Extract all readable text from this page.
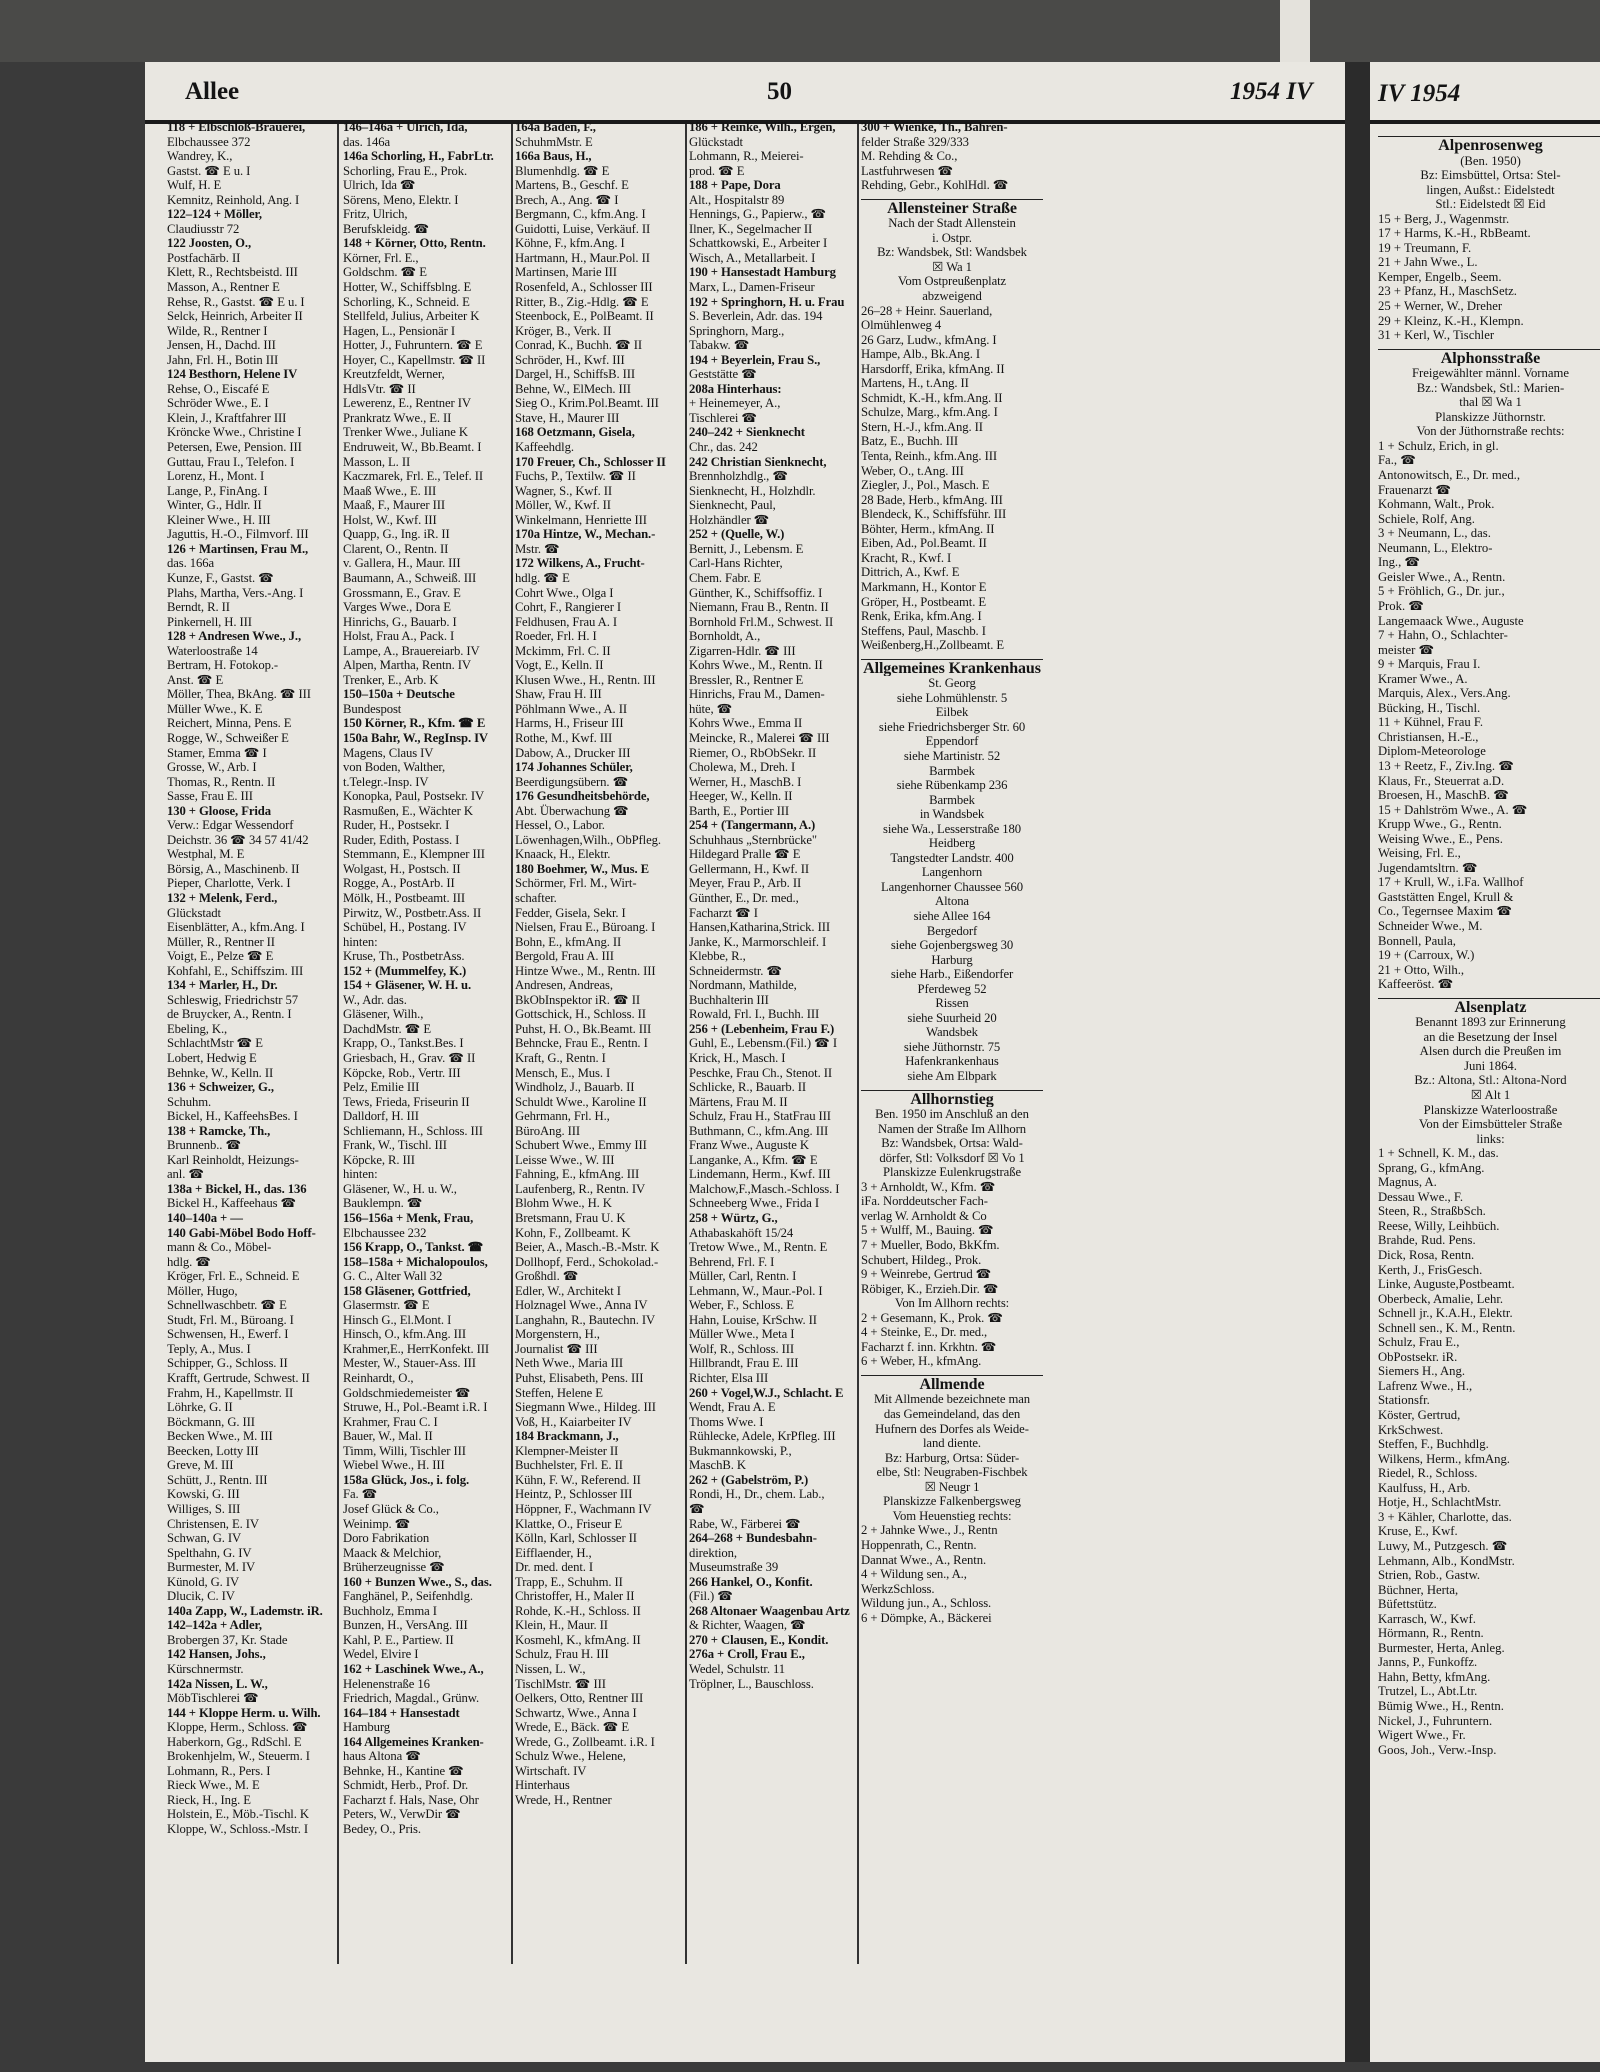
Allee	50	1954 IV
118 + Elbschloß-Brauerei,
Elbchaussee 372
Wandrey, K.,
Gastst. ☎ E u. I
Wulf, H. E
Kemnitz, Reinhold, Ang. I
122–124 + Möller,
Claudiusstr 72
122 Joosten, O.,
Postfachārb. II
Klett, R., Rechtsbeistd. III
Masson, A., Rentner E
Rehse, R., Gastst. ☎ E u. I
Selck, Heinrich, Arbeiter II
Wilde, R., Rentner I
Jensen, H., Dachd. III
Jahn, Frl. H., Botin III
124 Besthorn, Helene IV
Rehse, O., Eiscafé E
Schröder Wwe., E. I
Klein, J., Kraftfahrer III
Kröncke Wwe., Christine I
Petersen, Ewe, Pension. III
Guttau, Frau I., Telefon. I
Lorenz, H., Mont. I
Lange, P., FinAng. I
Winter, G., Hdlr. II
Kleiner Wwe., H. III
Jaguttis, H.-O., Filmvorf. III
126 + Martinsen, Frau M.,
das. 166a
Kunze, F., Gastst. ☎
Plahs, Martha, Vers.-Ang. I
Berndt, R. II
Pinkernell, H. III
128 + Andresen Wwe., J.,
Waterloostraße 14
Bertram, H. Fotokop.-
Anst. ☎ E
Möller, Thea, BkAng. ☎ III
Müller Wwe., K. E
Reichert, Minna, Pens. E
Rogge, W., Schweißer E
Stamer, Emma ☎ I
Grosse, W., Arb. I
Thomas, R., Rentn. II
Sasse, Frau E. III
130 + Gloose, Frida
Verw.: Edgar Wessendorf
Deichstr. 36 ☎ 34 57 41/42
Westphal, M. E
Börsig, A., Maschinenb. II
Pieper, Charlotte, Verk. I
132 + Melenk, Ferd.,
Glückstadt
Eisenblätter, A., kfm.Ang. I
Müller, R., Rentner II
Voigt, E., Pelze ☎ E
Kohfahl, E., Schiffszim. III
134 + Marler, H., Dr.
Schleswig, Friedrichstr 57
de Bruycker, A., Rentn. I
Ebeling, K.,
SchlachtMstr ☎ E
Lobert, Hedwig E
Behnke, W., Kelln. II
136 + Schweizer, G.,
Schuhm.
Bickel, H., KaffeehsBes. I
138 + Ramcke, Th.,
Brunnenb.. ☎
Karl Reinholdt, Heizungs-
anl. ☎
138a + Bickel, H., das. 136
Bickel H., Kaffeehaus ☎
140–140a + —
140 Gabi-Möbel Bodo Hoff-
mann & Co., Möbel-
hdlg. ☎
Kröger, Frl. E., Schneid. E
Möller, Hugo,
Schnellwaschbetr. ☎ E
Studt, Frl. M., Büroang. I
Schwensen, H., Ewerf. I
Teply, A., Mus. I
Schipper, G., Schloss. II
Krafft, Gertrude, Schwest. II
Frahm, H., Kapellmstr. II
Löhrke, G. II
Böckmann, G. III
Becken Wwe., M. III
Beecken, Lotty III
Greve, M. III
Schütt, J., Rentn. III
Kowski, G. III
Williges, S. III
Christensen, E. IV
Schwan, G. IV
Spelthahn, G. IV
Burmester, M. IV
Künold, G. IV
Dlucik, C. IV
140a Zapp, W., Lademstr. iR.
142–142a + Adler,
Brobergen 37, Kr. Stade
142 Hansen, Johs.,
Kürschnermstr.
142a Nissen, L. W.,
MöbTischlerei ☎
144 + Kloppe Herm. u. Wilh.
Kloppe, Herm., Schloss. ☎
Haberkorn, Gg., RdSchl. E
Brokenhjelm, W., Steuerm. I
Lohmann, R., Pers. I
Rieck Wwe., M. E
Rieck, H., Ing. E
Holstein, E., Möb.-Tischl. K
Kloppe, W., Schloss.-Mstr. I
146–146a + Ulrich, Ida,
das. 146a
146a Schorling, H., FabrLtr.
Schorling, Frau E., Prok.
Ulrich, Ida ☎
Sörens, Meno, Elektr. I
Fritz, Ulrich,
Berufskleidg. ☎
148 + Körner, Otto, Rentn.
Körner, Frl. E.,
Goldschm. ☎ E
Hotter, W., Schiffsblng. E
Schorling, K., Schneid. E
Stellfeld, Julius, Arbeiter K
Hagen, L., Pensionär I
Hotter, J., Fuhruntern. ☎ E
Hoyer, C., Kapellmstr. ☎ II
Kreutzfeldt, Werner,
HdlsVtr. ☎ II
Lewerenz, E., Rentner IV
Prankratz Wwe., E. II
Trenker Wwe., Juliane K
Endruweit, W., Bb.Beamt. I
Masson, L. II
Kaczmarek, Frl. E., Telef. II
Maaß Wwe., E. III
Maaß, F., Maurer III
Holst, W., Kwf. III
Quapp, G., Ing. iR. II
Clarent, O., Rentn. II
v. Gallera, H., Maur. III
Baumann, A., Schweiß. III
Grossmann, E., Grav. E
Varges Wwe., Dora E
Hinrichs, G., Bauarb. I
Holst, Frau A., Pack. I
Lampe, A., Brauereiarb. IV
Alpen, Martha, Rentn. IV
Trenker, E., Arb. K
150–150a + Deutsche
Bundespost
150 Körner, R., Kfm. ☎ E
150a Bahr, W., RegInsp. IV
Magens, Claus IV
von Boden, Walther,
t.Telegr.-Insp. IV
Konopka, Paul, Postsekr. IV
Rasmußen, E., Wächter K
Ruder, H., Postsekr. I
Ruder, Edith, Postass. I
Stemmann, E., Klempner III
Wolgast, H., Postsch. II
Rogge, A., PostArb. II
Mölk, H., Postbeamt. III
Pirwitz, W., Postbetr.Ass. II
Schübel, H., Postang. IV
hinten:
Kruse, Th., PostbetrAss.
152 + (Mummelfey, K.)
154 + Gläsener, W. H. u.
W., Adr. das.
Gläsener, Wilh.,
DachdMstr. ☎ E
Krapp, O., Tankst.Bes. I
Griesbach, H., Grav. ☎ II
Köpcke, Rob., Vertr. III
Pelz, Emilie III
Tews, Frieda, Friseurin II
Dalldorf, H. III
Schliemann, H., Schloss. III
Frank, W., Tischl. III
Köpcke, R. III
hinten:
Gläsener, W., H. u. W.,
Bauklempn. ☎
156–156a + Menk, Frau,
Elbchaussee 232
156 Krapp, O., Tankst. ☎
158–158a + Michalopoulos,
G. C., Alter Wall 32
158 Gläsener, Gottfried,
Glasermstr. ☎ E
Hinsch G., El.Mont. I
Hinsch, O., kfm.Ang. III
Krahmer,E., HerrKonfekt. III
Mester, W., Stauer-Ass. III
Reinhardt, O.,
Goldschmiedemeister ☎
Struwe, H., Pol.-Beamt i.R. I
Krahmer, Frau C. I
Bauer, W., Mal. II
Timm, Willi, Tischler III
Wiebel Wwe., H. III
158a Glück, Jos., i. folg.
Fa. ☎
Josef Glück & Co.,
Weinimp. ☎
Doro Fabrikation
Maack & Melchior,
Brüherzeugnisse ☎
160 + Bunzen Wwe., S., das.
Fanghänel, P., Seifenhdlg.
Buchholz, Emma I
Bunzen, H., VersAng. III
Kahl, P. E., Partiew. II
Wedel, Elvire I
162 + Laschinek Wwe., A.,
Helenenstraße 16
Friedrich, Magdal., Grünw.
164–184 + Hansestadt
Hamburg
164 Allgemeines Kranken-
haus Altona ☎
Behnke, H., Kantine ☎
Schmidt, Herb., Prof. Dr.
Facharzt f. Hals, Nase, Ohr
Peters, W., VerwDir ☎
Bedey, O., Pris.
164a Baden, F.,
SchuhmMstr. E
166a Baus, H.,
Blumenhdlg. ☎ E
Martens, B., Geschf. E
Brech, A., Ang. ☎ I
Bergmann, C., kfm.Ang. I
Guidotti, Luise, Verkäuf. II
Köhne, F., kfm.Ang. I
Hartmann, H., Maur.Pol. II
Martinsen, Marie III
Rosenfeld, A., Schlosser III
Ritter, B., Zig.-Hdlg. ☎ E
Steenbock, E., PolBeamt. II
Kröger, B., Verk. II
Conrad, K., Buchh. ☎ II
Schröder, H., Kwf. III
Dargel, H., SchiffsB. III
Behne, W., ElMech. III
Sieg O., Krim.Pol.Beamt. III
Stave, H., Maurer III
168 Oetzmann, Gisela,
Kaffeehdlg.
170 Freuer, Ch., Schlosser II
Fuchs, P., Textilw. ☎ II
Wagner, S., Kwf. II
Möller, W., Kwf. II
Winkelmann, Henriette III
170a Hintze, W., Mechan.-
Mstr. ☎
172 Wilkens, A., Frucht-
hdlg. ☎ E
Cohrt Wwe., Olga I
Cohrt, F., Rangierer I
Feldhusen, Frau A. I
Roeder, Frl. H. I
Mckimm, Frl. C. II
Vogt, E., Kelln. II
Klusen Wwe., H., Rentn. III
Shaw, Frau H. III
Pöhlmann Wwe., A. II
Harms, H., Friseur III
Rothe, M., Kwf. III
Dabow, A., Drucker III
174 Johannes Schüler,
Beerdigungsübern. ☎
176 Gesundheitsbehörde,
Abt. Überwachung ☎
Hessel, O., Labor.
Löwenhagen,Wilh., ObPfleg.
Knaack, H., Elektr.
180 Boehmer, W., Mus. E
Schörmer, Frl. M., Wirt-
schafter.
Fedder, Gisela, Sekr. I
Nielsen, Frau E., Büroang. I
Bohn, E., kfmAng. II
Bergold, Frau A. III
Hintze Wwe., M., Rentn. III
Andresen, Andreas,
BkObInspektor iR. ☎ II
Gottschick, H., Schloss. II
Puhst, H. O., Bk.Beamt. III
Behncke, Frau E., Rentn. I
Kraft, G., Rentn. I
Mensch, E., Mus. I
Windholz, J., Bauarb. II
Schuldt Wwe., Karoline II
Gehrmann, Frl. H.,
BüroAng. III
Schubert Wwe., Emmy III
Leisse Wwe., W. III
Fahning, E., kfmAng. III
Laufenberg, R., Rentn. IV
Blohm Wwe., H. K
Bretsmann, Frau U. K
Kohn, F., Zollbeamt. K
Beier, A., Masch.-B.-Mstr. K
Dollhopf, Ferd., Schokolad.-
Großhdl. ☎
Edler, W., Architekt I
Holznagel Wwe., Anna IV
Langhahn, R., Bautechn. IV
Morgenstern, H.,
Journalist ☎ III
Neth Wwe., Maria III
Puhst, Elisabeth, Pens. III
Steffen, Helene E
Siegmann Wwe., Hildeg. III
Voß, H., Kaiarbeiter IV
184 Brackmann, J.,
Klempner-Meister II
Buchhelster, Frl. E. II
Kühn, F. W., Referend. II
Heintz, P., Schlosser III
Höppner, F., Wachmann IV
Klattke, O., Friseur E
Kölln, Karl, Schlosser II
Eifflaender, H.,
Dr. med. dent. I
Trapp, E., Schuhm. II
Christoffer, H., Maler II
Rohde, K.-H., Schloss. II
Klein, H., Maur. II
Kosmehl, K., kfmAng. II
Schulz, Frau H. III
Nissen, L. W.,
TischlMstr. ☎ III
Oelkers, Otto, Rentner III
Schwartz, Wwe., Anna I
Wrede, E., Bäck. ☎ E
Wrede, G., Zollbeamt. i.R. I
Schulz Wwe., Helene,
Wirtschaft. IV
Hinterhaus
Wrede, H., Rentner
186 + Reinke, Wilh., Ergen,
Glückstadt
Lohmann, R., Meierei-
prod. ☎ E
188 + Pape, Dora
Alt., Hospitalstr 89
Hennings, G., Papierw., ☎
Ilner, K., Segelmacher II
Schattkowski, E., Arbeiter I
Wisch, A., Metallarbeit. I
190 + Hansestadt Hamburg
Marx, L., Damen-Friseur
192 + Springhorn, H. u. Frau
S. Beverlein, Adr. das. 194
Springhorn, Marg.,
Tabakw. ☎
194 + Beyerlein, Frau S.,
Geststätte ☎
208a Hinterhaus:
+ Heinemeyer, A.,
Tischlerei ☎
240–242 + Sienknecht
Chr., das. 242
242 Christian Sienknecht,
Brennholzhdlg., ☎
Sienknecht, H., Holzhdlr.
Sienknecht, Paul,
Holzhändler ☎
252 + (Quelle, W.)
Bernitt, J., Lebensm. E
Carl-Hans Richter,
Chem. Fabr. E
Günther, K., Schiffsoffiz. I
Niemann, Frau B., Rentn. II
Bornhold Frl.M., Schwest. II
Bornholdt, A.,
Zigarren-Hdlr. ☎ III
Kohrs Wwe., M., Rentn. II
Bressler, R., Rentner E
Hinrichs, Frau M., Damen-
hüte, ☎
Kohrs Wwe., Emma II
Meincke, R., Malerei ☎ III
Riemer, O., RbObSekr. II
Cholewa, M., Dreh. I
Werner, H., MaschB. I
Heeger, W., Kelln. II
Barth, E., Portier III
254 + (Tangermann, A.)
Schuhhaus „Sternbrücke"
Hildegard Pralle ☎ E
Gellermann, H., Kwf. II
Meyer, Frau P., Arb. II
Günther, E., Dr. med.,
Facharzt ☎ I
Hansen,Katharina,Strick. III
Janke, K., Marmorschleif. I
Klebbe, R.,
Schneidermstr. ☎
Nordmann, Mathilde,
Buchhalterin III
Rowald, Frl. I., Buchh. III
256 + (Lebenheim, Frau F.)
Guhl, E., Lebensm.(Fil.) ☎ I
Krick, H., Masch. I
Peschke, Frau Ch., Stenot. II
Schlicke, R., Bauarb. II
Märtens, Frau M. II
Schulz, Frau H., StatFrau III
Buthmann, C., kfm.Ang. III
Franz Wwe., Auguste K
Langanke, A., Kfm. ☎ E
Lindemann, Herm., Kwf. III
Malchow,F.,Masch.-Schloss. I
Schneeberg Wwe., Frida I
258 + Würtz, G.,
Athabaskahöft 15/24
Tretow Wwe., M., Rentn. E
Behrend, Frl. F. I
Müller, Carl, Rentn. I
Lehmann, W., Maur.-Pol. I
Weber, F., Schloss. E
Hahn, Louise, KrSchw. II
Müller Wwe., Meta I
Wolf, R., Schloss. III
Hillbrandt, Frau E. III
Richter, Elsa III
260 + Vogel,W.J., Schlacht. E
Wendt, Frau A. E
Thoms Wwe. I
Rühlecke, Adele, KrPfleg. III
Bukmannkowski, P.,
MaschB. K
262 + (Gabelström, P.)
Rondi, H., Dr., chem. Lab.,
☎
Rabe, W., Färberei ☎
264–268 + Bundesbahn-
direktion,
Museumstraße 39
266 Hankel, O., Konfit.
(Fil.) ☎
268 Altonaer Waagenbau Artz
& Richter, Waagen, ☎
270 + Clausen, E., Kondit.
276a + Croll, Frau E.,
Wedel, Schulstr. 11
Tröplner, L., Bauschloss.
300 + Wienke, Th., Bahren-
felder Straße 329/333
M. Rehding & Co.,
Lastfuhrwesen ☎
Rehding, Gebr., KohlHdl. ☎
Allensteiner Straße
Nach der Stadt Allenstein
i. Ostpr.
Bz: Wandsbek, Stl: Wandsbek
☒ Wa 1
Vom Ostpreußenplatz
abzweigend
26–28 + Heinr. Sauerland,
Olmühlenweg 4
26 Garz, Ludw., kfmAng. I
Hampe, Alb., Bk.Ang. I
Harsdorff, Erika, kfmAng. II
Martens, H., t.Ang. II
Schmidt, K.-H., kfm.Ang. II
Schulze, Marg., kfm.Ang. I
Stern, H.-J., kfm.Ang. II
Batz, E., Buchh. III
Tenta, Reinh., kfm.Ang. III
Weber, O., t.Ang. III
Ziegler, J., Pol., Masch. E
28 Bade, Herb., kfmAng. III
Blendeck, K., Schiffsführ. III
Böhter, Herm., kfmAng. II
Eiben, Ad., Pol.Beamt. II
Kracht, R., Kwf. I
Dittrich, A., Kwf. E
Markmann, H., Kontor E
Gröper, H., Postbeamt. E
Renk, Erika, kfm.Ang. I
Steffens, Paul, Maschb. I
Weißenberg,H.,Zollbeamt. E
Allgemeines Krankenhaus
St. Georg
siehe Lohmühlenstr. 5
Eilbek
siehe Friedrichsberger Str. 60
Eppendorf
siehe Martinistr. 52
Barmbek
siehe Rübenkamp 236
Barmbek
in Wandsbek
siehe Wa., Lesserstraße 180
Heidberg
Tangstedter Landstr. 400
Langenhorn
Langenhorner Chaussee 560
Altona
siehe Allee 164
Bergedorf
siehe Gojenbergsweg 30
Harburg
siehe Harb., Eißendorfer
Pferdeweg 52
Rissen
siehe Suurheid 20
Wandsbek
siehe Jüthornstr. 75
Hafenkrankenhaus
siehe Am Elbpark
Allhornstieg
Ben. 1950 im Anschluß an den
Namen der Straße Im Allhorn
Bz: Wandsbek, Ortsa: Wald-
dörfer, Stl: Volksdorf ☒ Vo 1
Planskizze Eulenkrugstraße
3 + Arnholdt, W., Kfm. ☎
iFa. Norddeutscher Fach-
verlag W. Arnholdt & Co
5 + Wulff, M., Bauing. ☎
7 + Mueller, Bodo, BkKfm.
Schubert, Hildeg., Prok.
9 + Weinrebe, Gertrud ☎
Röbiger, K., Erzieh.Dir. ☎
Von Im Allhorn rechts:
2 + Gesemann, K., Prok. ☎
4 + Steinke, E., Dr. med.,
Facharzt f. inn. Krkhtn. ☎
6 + Weber, H., kfmAng.
Allmende
Mit Allmende bezeichnete man
das Gemeindeland, das den
Hufnern des Dorfes als Weide-
land diente.
Bz: Harburg, Ortsa: Süder-
elbe, Stl: Neugraben-Fischbek
☒ Neugr 1
Planskizze Falkenbergsweg
Vom Heuenstieg rechts:
2 + Jahnke Wwe., J., Rentn
Hoppenrath, C., Rentn.
Dannat Wwe., A., Rentn.
4 + Wildung sen., A.,
WerkzSchloss.
Wildung jun., A., Schloss.
6 + Dömpke, A., Bäckerei
IV 1954
Alpenrosenweg
(Ben. 1950)
Bz: Eimsbüttel, Ortsa: Stel-
lingen, Außst.: Eidelstedt
Stl.: Eidelstedt ☒ Eid
15 + Berg, J., Wagenmstr.
17 + Harms, K.-H., RbBeamt.
19 + Treumann, F.
21 + Jahn Wwe., L.
Kemper, Engelb., Seem.
23 + Pfanz, H., MaschSetz.
25 + Werner, W., Dreher
29 + Kleinz, K.-H., Klempn.
31 + Kerl, W., Tischler
Alphonsstraße
Freigewählter männl. Vorname
Bz.: Wandsbek, Stl.: Marien-
thal ☒ Wa 1
Planskizze Jüthornstr.
Von der Jüthornstraße rechts:
1 + Schulz, Erich, in gl.
Fa., ☎
Antonowitsch, E., Dr. med.,
Frauenarzt ☎
Kohmann, Walt., Prok.
Schiele, Rolf, Ang.
3 + Neumann, L., das.
Neumann, L., Elektro-
Ing., ☎
Geisler Wwe., A., Rentn.
5 + Fröhlich, G., Dr. jur.,
Prok. ☎
Langemaack Wwe., Auguste
7 + Hahn, O., Schlachter-
meister ☎
9 + Marquis, Frau I.
Kramer Wwe., A.
Marquis, Alex., Vers.Ang.
Bücking, H., Tischl.
11 + Kühnel, Frau F.
Christiansen, H.-E.,
Diplom-Meteorologe
13 + Reetz, F., Ziv.Ing. ☎
Klaus, Fr., Steuerrat a.D.
Broesen, H., MaschB. ☎
15 + Dahlström Wwe., A. ☎
Krupp Wwe., G., Rentn.
Weising Wwe., E., Pens.
Weising, Frl. E.,
Jugendamtsltrn. ☎
17 + Krull, W., i.Fa. Wallhof
Gaststätten Engel, Krull &
Co., Tegernsee Maxim ☎
Schneider Wwe., M.
Bonnell, Paula,
19 + (Carroux, W.)
21 + Otto, Wilh.,
Kaffeeröst. ☎
Alsenplatz
Benannt 1893 zur Erinnerung
an die Besetzung der Insel
Alsen durch die Preußen im
Juni 1864.
Bz.: Altona, Stl.: Altona-Nord
☒ Alt 1
Planskizze Waterloostraße
Von der Eimsbütteler Straße
links:
1 + Schnell, K. M., das.
Sprang, G., kfmAng.
Magnus, A.
Dessau Wwe., F.
Steen, R., StraßbSch.
Reese, Willy, Leihbüch.
Brahde, Rud. Pens.
Dick, Rosa, Rentn.
Kerth, J., FrisGesch.
Linke, Auguste,Postbeamt.
Oberbeck, Amalie, Lehr.
Schnell jr., K.A.H., Elektr.
Schnell sen., K. M., Rentn.
Schulz, Frau E.,
ObPostsekr. iR.
Siemers H., Ang.
Lafrenz Wwe., H.,
Stationsfr.
Köster, Gertrud,
KrkSchwest.
Steffen, F., Buchhdlg.
Wilkens, Herm., kfmAng.
Riedel, R., Schloss.
Kaulfuss, H., Arb.
Hotje, H., SchlachtMstr.
3 + Kähler, Charlotte, das.
Kruse, E., Kwf.
Luwy, M., Putzgesch. ☎
Lehmann, Alb., KondMstr.
Strien, Rob., Gastw.
Büchner, Herta,
Büfettstütz.
Karrasch, W., Kwf.
Hörmann, R., Rentn.
Burmester, Herta, Anleg.
Janns, P., Funkoffz.
Hahn, Betty, kfmAng.
Trutzel, L., Abt.Ltr.
Bümig Wwe., H., Rentn.
Nickel, J., Fuhruntern.
Wigert Wwe., Fr.
Goos, Joh., Verw.-Insp.
